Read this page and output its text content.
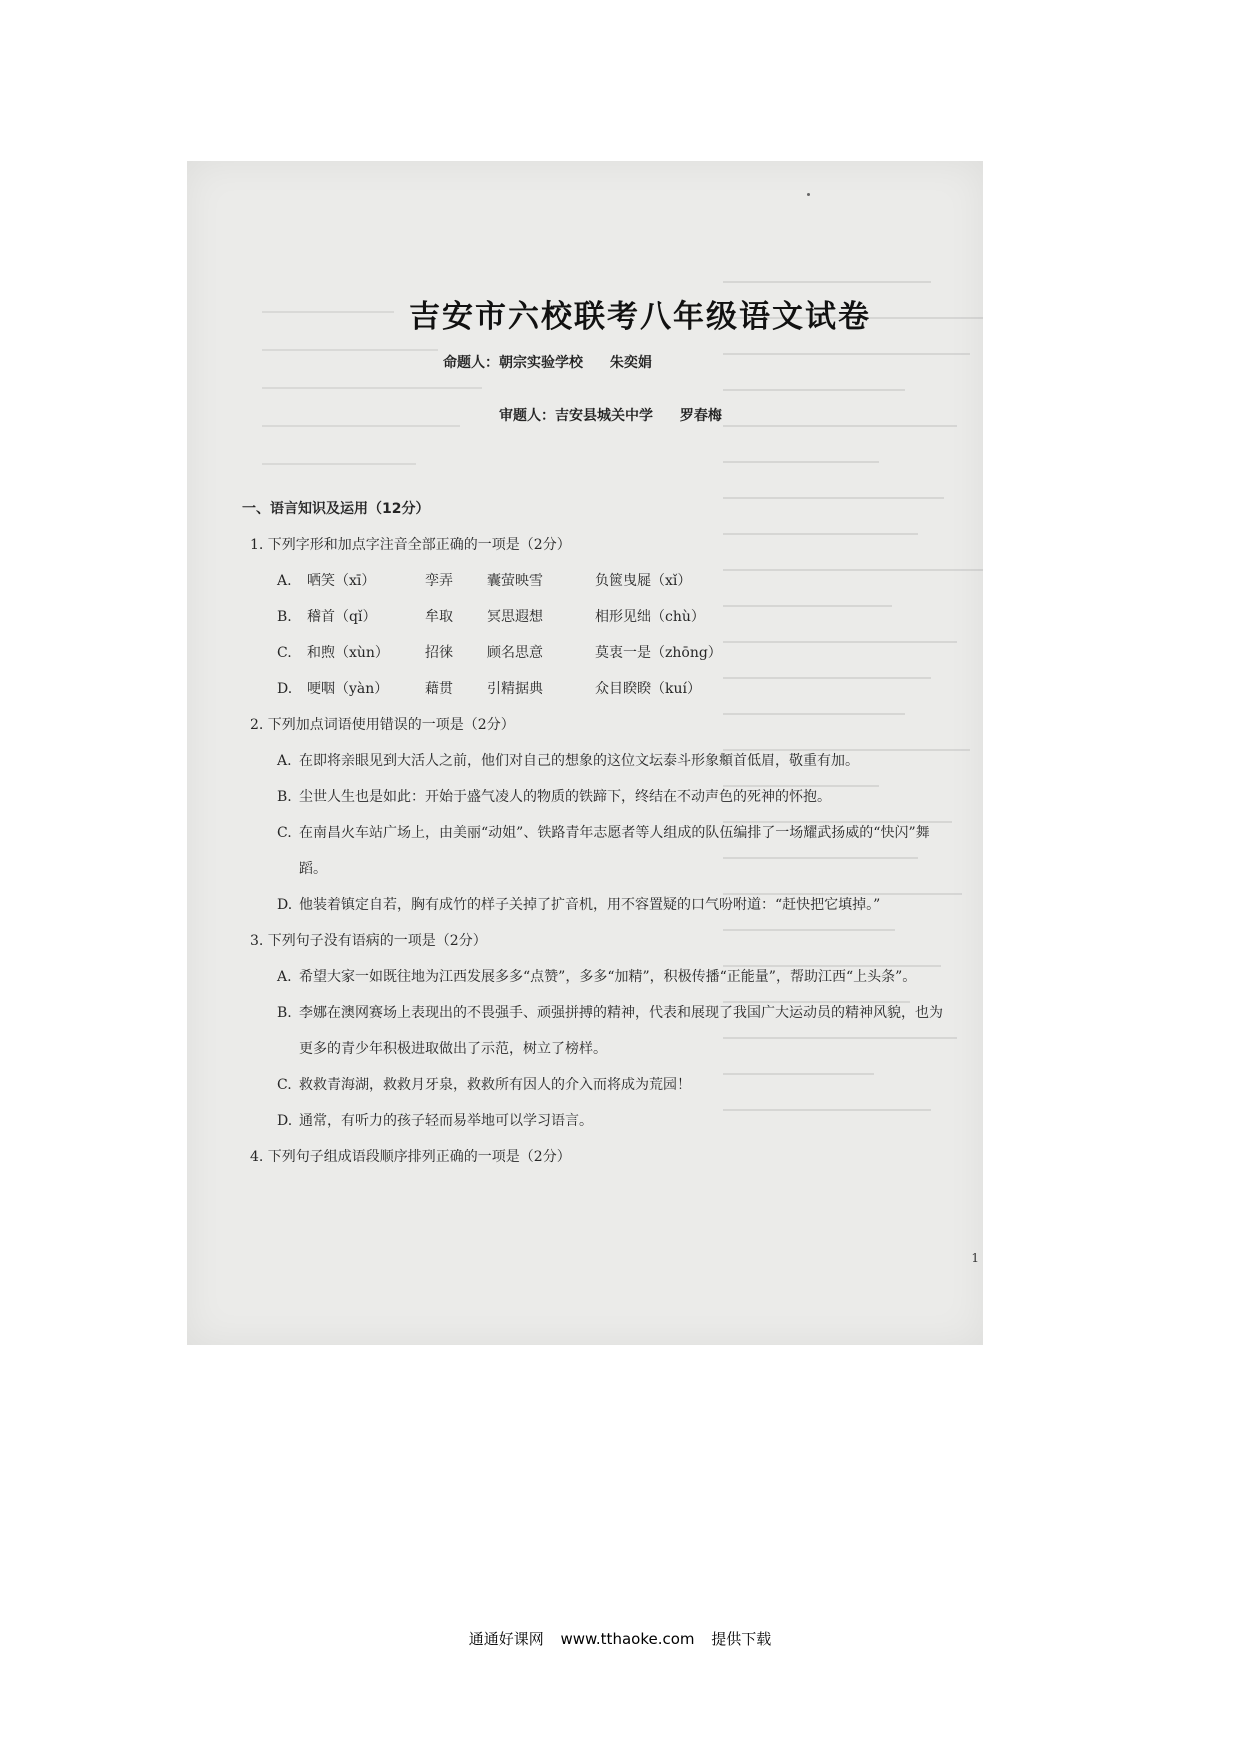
吉安市六校联考八年级语文试卷
命题人：朝宗实验学校 朱奕娟
审题人：吉安县城关中学 罗春梅

一、语言知识及运用（12分）

1. 下列字形和加点字注音全部正确的一项是（2分）
A.	哂笑（xī）	孪弄	囊萤映雪	负篋曳屣（xǐ）
B.	稽首（qǐ）	牟取	冥思遐想	相形见绌（chù）
C.	和煦（xùn）	招徕	顾名思意	莫衷一是（zhōng）
D.	哽咽（yàn）	藉贯	引精据典	众目睽睽（kuí）
2. 下列加点词语使用错误的一项是（2分）
A.在即将亲眼见到大活人之前，他们对自己的想象的这位文坛泰斗形象頫首低眉，敬重有加。
B.尘世人生也是如此：开始于盛气凌人的物质的铁蹄下，终结在不动声色的死神的怀抱。
C.在南昌火车站广场上，由美丽“动姐”、铁路青年志愿者等人组成的队伍编排了一场耀武扬威的“快闪”舞蹈。
D.他装着镇定自若，胸有成竹的样子关掉了扩音机，用不容置疑的口气吩咐道：“赶快把它填掉。”
3. 下列句子没有语病的一项是（2分）
A.希望大家一如既往地为江西发展多多“点赞”，多多“加精”，积极传播“正能量”，帮助江西“上头条”。
B.李娜在澳网赛场上表现出的不畏强手、顽强拼搏的精神，代表和展现了我国广大运动员的精神风貌，也为更多的青少年积极进取做出了示范，树立了榜样。
C.救救青海湖，救救月牙泉，救救所有因人的介入而将成为荒园！
D.通常，有听力的孩子轻而易举地可以学习语言。
4. 下列句子组成语段顺序排列正确的一项是（2分）
1
通通好课网 www.tthaoke.com 提供下载
